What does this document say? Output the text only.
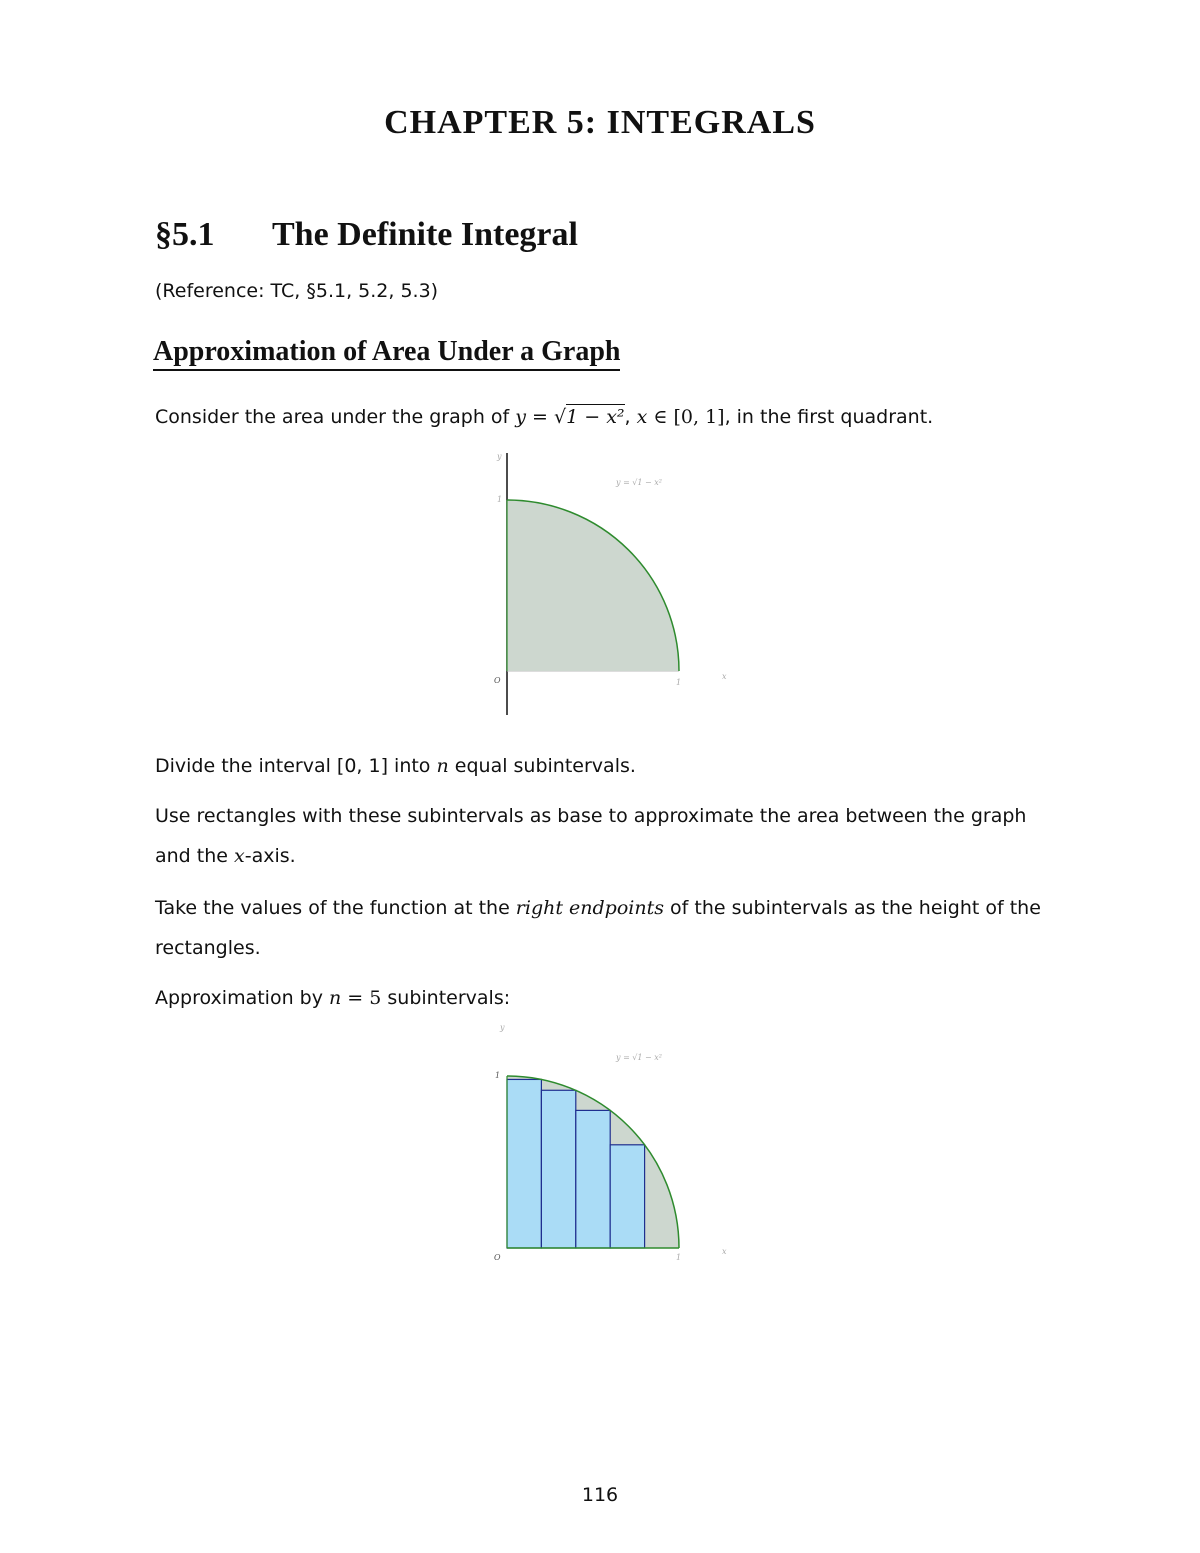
CHAPTER 5: INTEGRALS
§5.1 The Definite Integral
(Reference: TC, §5.1, 5.2, 5.3)
Approximation of Area Under a Graph

Consider the area under the graph of y = √1 − x², x ∈ [0, 1], in the first quadrant.

y
1
y = √1 − x²
O	1
x

Divide the interval [0, 1] into n equal subintervals.

Use rectangles with these subintervals as base to approximate the area between the graph and the x-axis.

Take the values of the function at the right endpoints of the subintervals as the height of the rectangles.

Approximation by n = 5 subintervals:

y
1
y = √1 − x²
O	1
x
116
